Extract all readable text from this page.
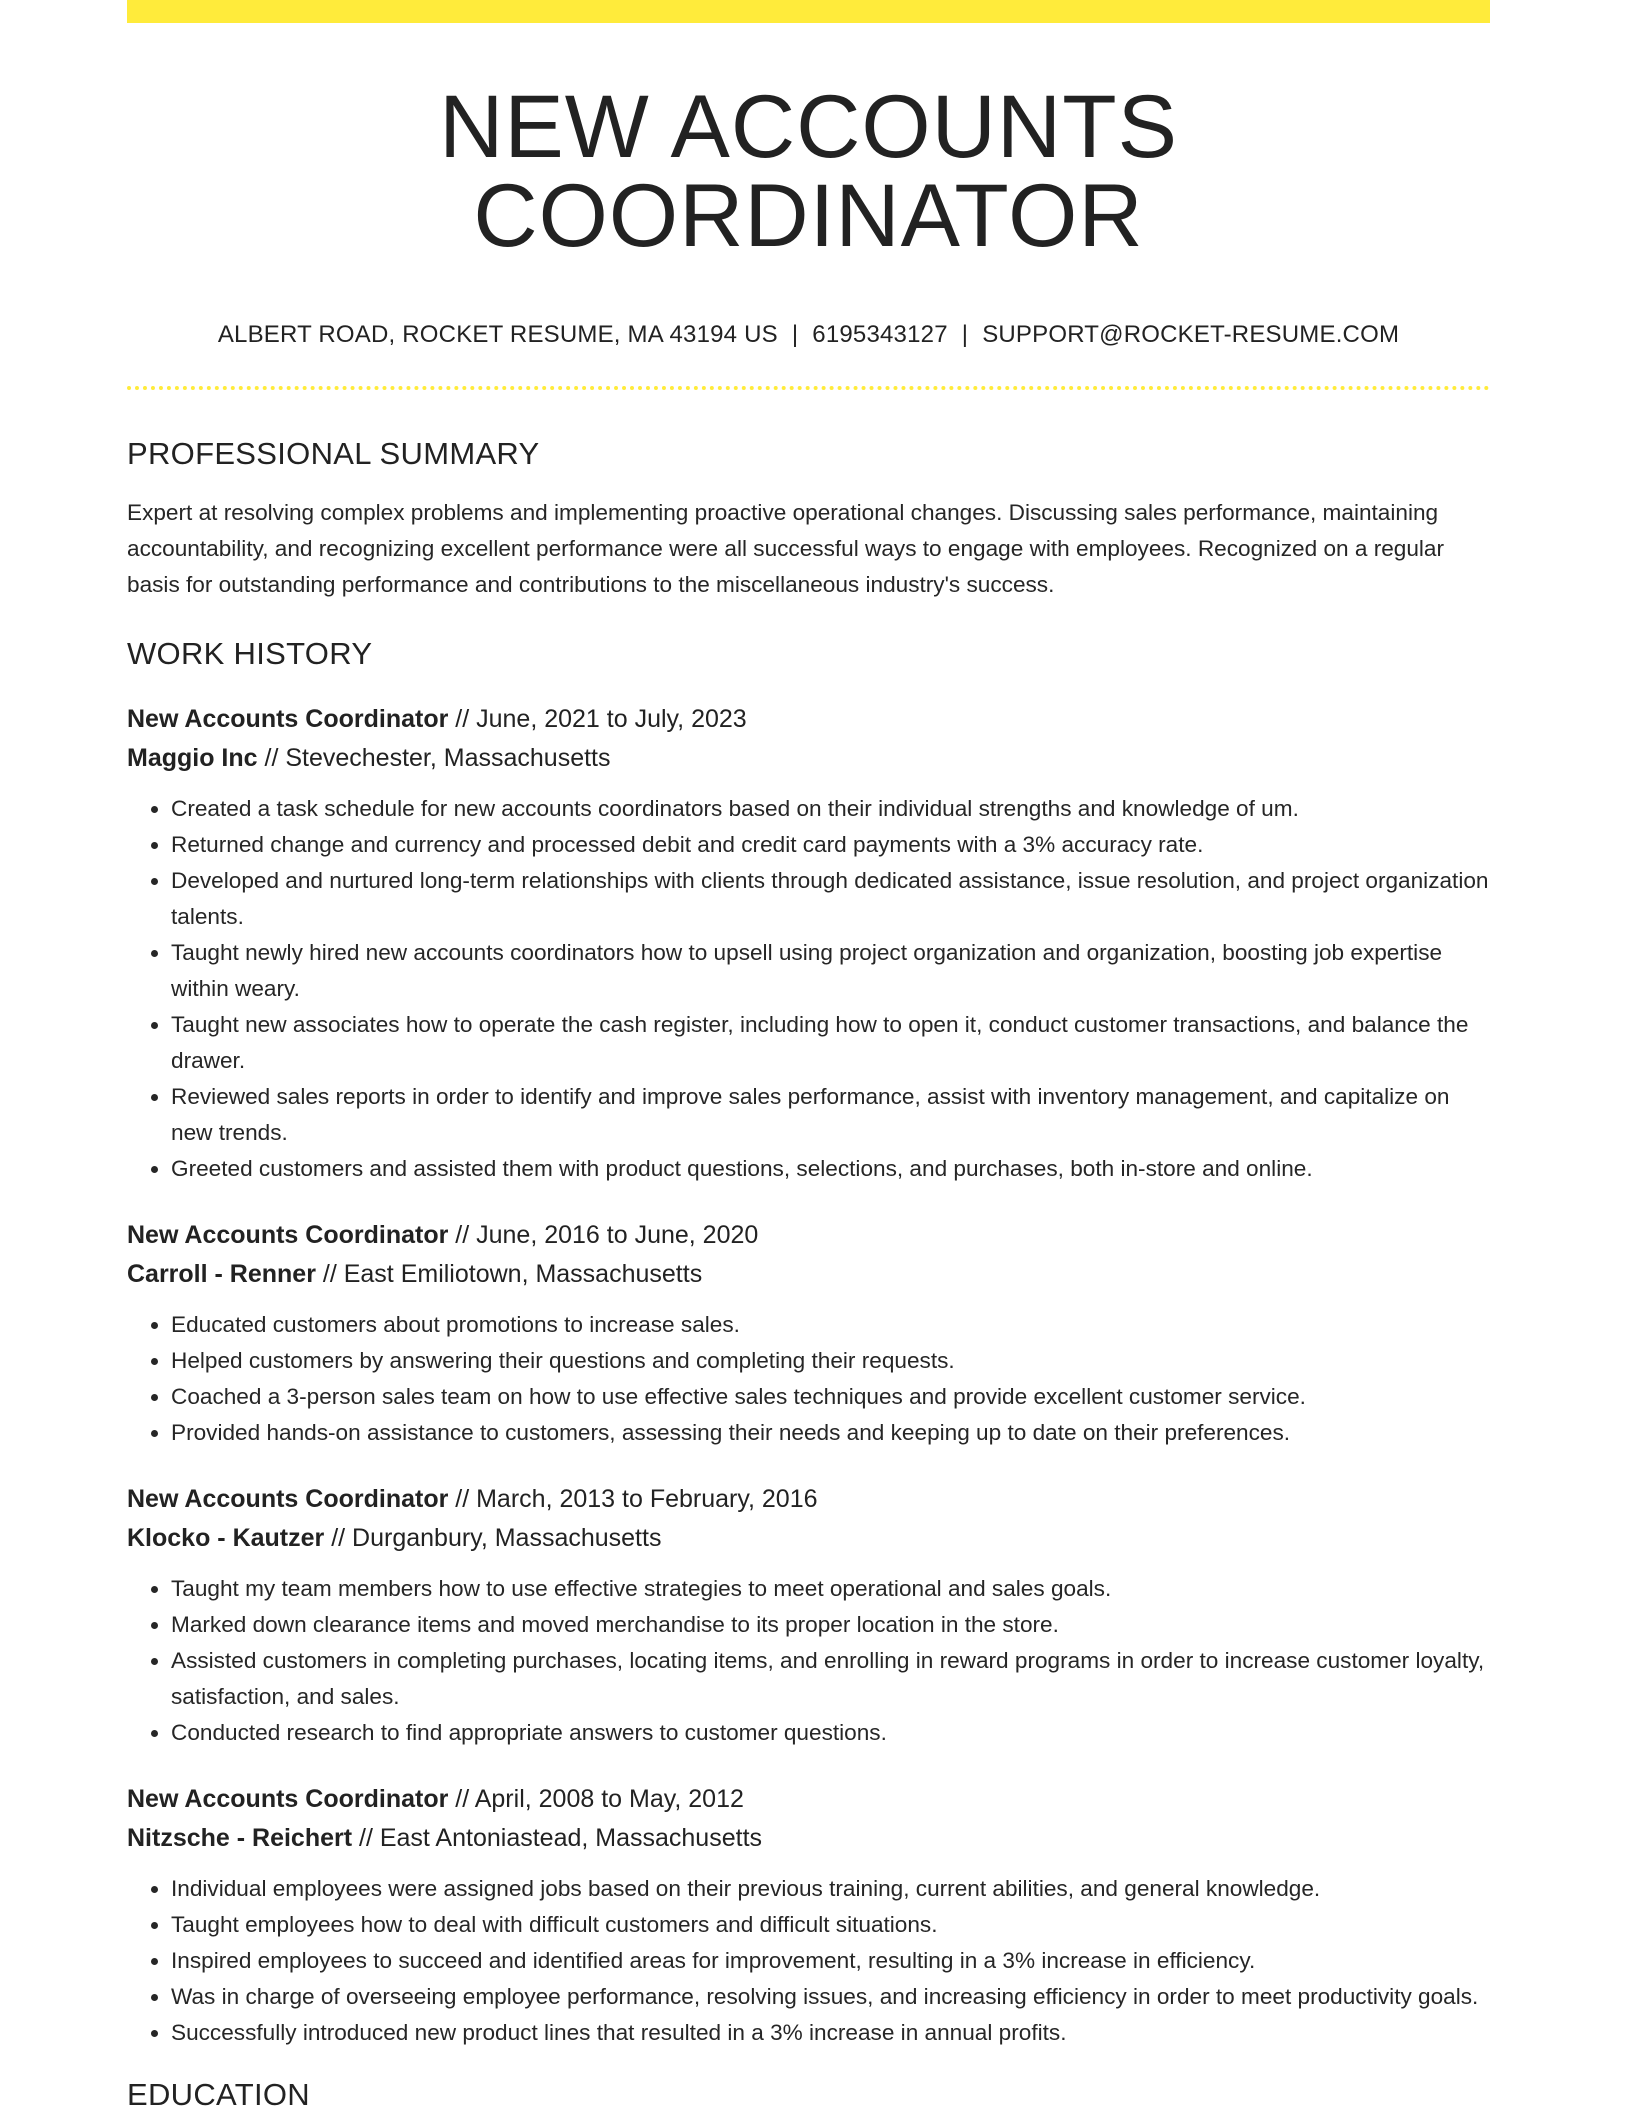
NEW ACCOUNTS COORDINATOR
ALBERT ROAD, ROCKET RESUME, MA 43194 US | 6195343127 | SUPPORT@ROCKET-RESUME.COM
PROFESSIONAL SUMMARY

Expert at resolving complex problems and implementing proactive operational changes. Discussing sales performance, maintaining accountability, and recognizing excellent performance were all successful ways to engage with employees. Recognized on a regular basis for outstanding performance and contributions to the miscellaneous industry's success.

WORK HISTORY
New Accounts Coordinator // June, 2021 to July, 2023
Maggio Inc // Stevechester, Massachusetts
• Created a task schedule for new accounts coordinators based on their individual strengths and knowledge of um.
• Returned change and currency and processed debit and credit card payments with a 3% accuracy rate.
• Developed and nurtured long-term relationships with clients through dedicated assistance, issue resolution, and project organization talents.
• Taught newly hired new accounts coordinators how to upsell using project organization and organization, boosting job expertise within weary.
• Taught new associates how to operate the cash register, including how to open it, conduct customer transactions, and balance the drawer.
• Reviewed sales reports in order to identify and improve sales performance, assist with inventory management, and capitalize on new trends.
• Greeted customers and assisted them with product questions, selections, and purchases, both in-store and online.
New Accounts Coordinator // June, 2016 to June, 2020
Carroll - Renner // East Emiliotown, Massachusetts
• Educated customers about promotions to increase sales.
• Helped customers by answering their questions and completing their requests.
• Coached a 3-person sales team on how to use effective sales techniques and provide excellent customer service.
• Provided hands-on assistance to customers, assessing their needs and keeping up to date on their preferences.
New Accounts Coordinator // March, 2013 to February, 2016
Klocko - Kautzer // Durganbury, Massachusetts
• Taught my team members how to use effective strategies to meet operational and sales goals.
• Marked down clearance items and moved merchandise to its proper location in the store.
• Assisted customers in completing purchases, locating items, and enrolling in reward programs in order to increase customer loyalty, satisfaction, and sales.
• Conducted research to find appropriate answers to customer questions.
New Accounts Coordinator // April, 2008 to May, 2012
Nitzsche - Reichert // East Antoniastead, Massachusetts
• Individual employees were assigned jobs based on their previous training, current abilities, and general knowledge.
• Taught employees how to deal with difficult customers and difficult situations.
• Inspired employees to succeed and identified areas for improvement, resulting in a 3% increase in efficiency.
• Was in charge of overseeing employee performance, resolving issues, and increasing efficiency in order to meet productivity goals.
• Successfully introduced new product lines that resulted in a 3% increase in annual profits.
EDUCATION
